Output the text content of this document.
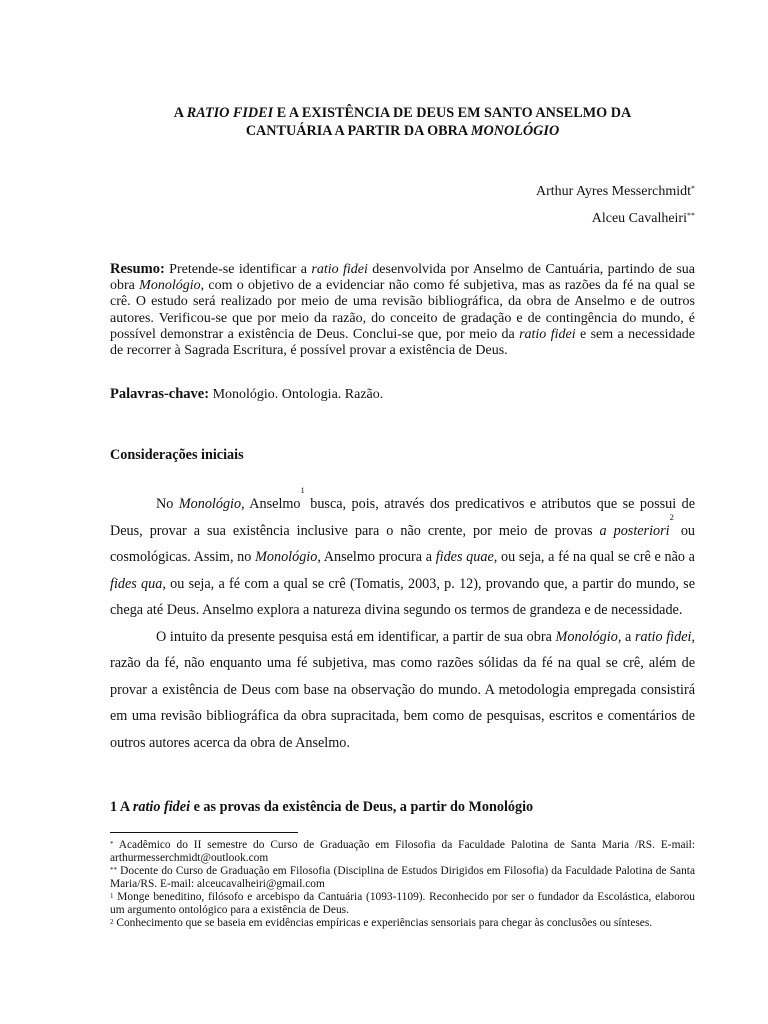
A RATIO FIDEI E A EXISTÊNCIA DE DEUS EM SANTO ANSELMO DA
CANTUÁRIA A PARTIR DA OBRA MONOLÓGIO
Arthur Ayres Messerchmidt*
Alceu Cavalheiri**
Resumo: Pretende-se identificar a ratio fidei desenvolvida por Anselmo de Cantuária, partindo de sua obra Monológio, com o objetivo de a evidenciar não como fé subjetiva, mas as razões da fé na qual se crê. O estudo será realizado por meio de uma revisão bibliográfica, da obra de Anselmo e de outros autores. Verificou-se que por meio da razão, do conceito de gradação e de contingência do mundo, é possível demonstrar a existência de Deus. Conclui-se que, por meio da ratio fidei e sem a necessidade de recorrer à Sagrada Escritura, é possível provar a existência de Deus.
Palavras-chave: Monológio. Ontologia. Razão.
Considerações iniciais

No Monológio, Anselmo$^1$ busca, pois, através dos predicativos e atributos que se possui de Deus, provar a sua existência inclusive para o não crente, por meio de provas a posteriori$^2$ ou cosmológicas. Assim, no Monológio, Anselmo procura a fides quae, ou seja, a fé na qual se crê e não a fides qua, ou seja, a fé com a qual se crê (Tomatis, 2003, p. 12), provando que, a partir do mundo, se chega até Deus. Anselmo explora a natureza divina segundo os termos de grandeza e de necessidade.

O intuito da presente pesquisa está em identificar, a partir de sua obra Monológio, a ratio fidei, razão da fé, não enquanto uma fé subjetiva, mas como razões sólidas da fé na qual se crê, além de provar a existência de Deus com base na observação do mundo. A metodologia empregada consistirá em uma revisão bibliográfica da obra supracitada, bem como de pesquisas, escritos e comentários de outros autores acerca da obra de Anselmo.

1 A ratio fidei e as provas da existência de Deus, a partir do Monológio

* Acadêmico do II semestre do Curso de Graduação em Filosofia da Faculdade Palotina de Santa Maria /RS. E-mail: arthurmesserchmidt@outlook.com

** Docente do Curso de Graduação em Filosofia (Disciplina de Estudos Dirigidos em Filosofia) da Faculdade Palotina de Santa Maria/RS. E-mail: alceucavalheiri@gmail.com

$^1$ Monge beneditino, filósofo e arcebispo da Cantuária (1093-1109). Reconhecido por ser o fundador da Escolástica, elaborou um argumento ontológico para a existência de Deus.

$^2$ Conhecimento que se baseia em evidências empíricas e experiências sensoriais para chegar às conclusões ou sínteses.
